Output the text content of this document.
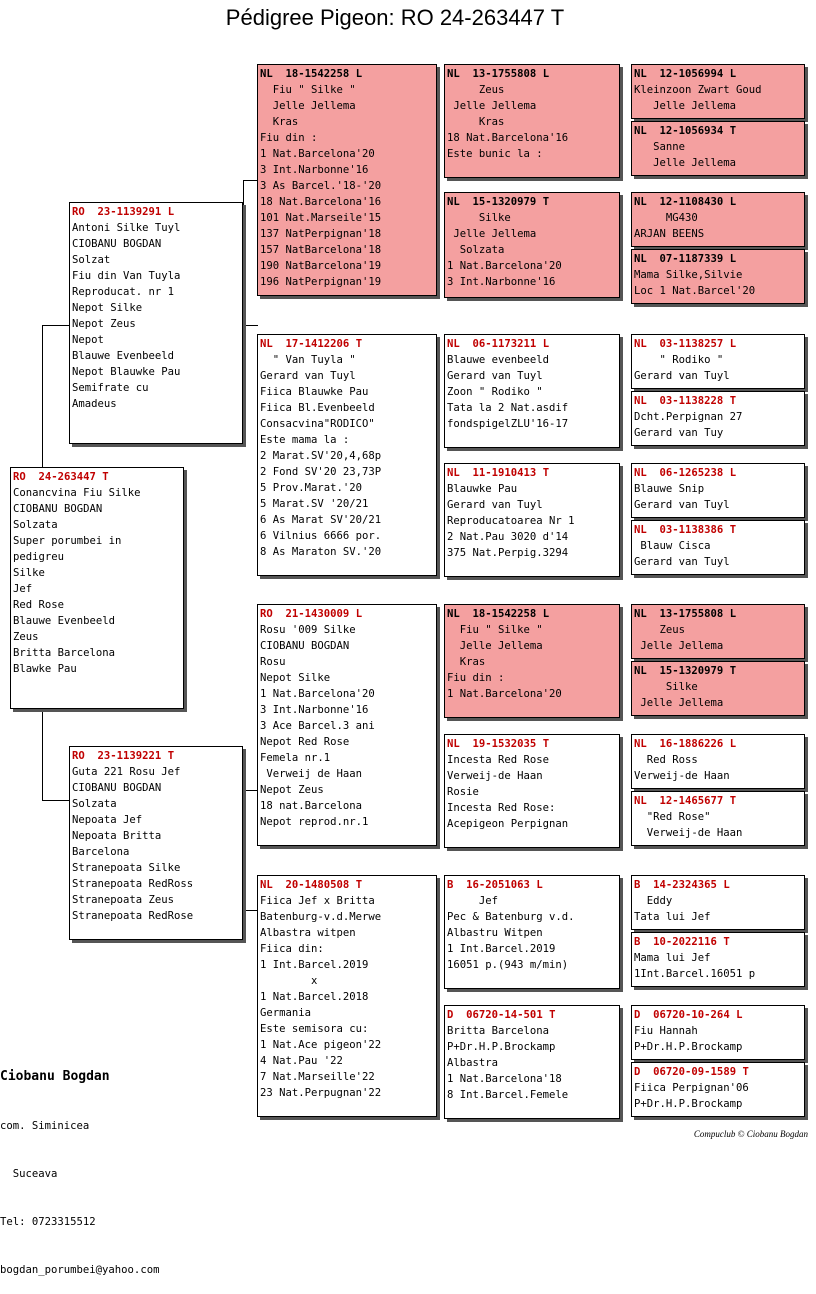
Pédigree Pigeon: RO 24-263447 T
RO 24-263447 T
Conancvina Fiu Silke
CIOBANU BOGDAN
Solzata
Super porumbei in
pedigreu
Silke
Jef
Red Rose
Blauwe Evenbeeld
Zeus
Britta Barcelona
Blawke Pau
RO 23-1139291 L
Antoni Silke Tuyl
CIOBANU BOGDAN
Solzat
Fiu din Van Tuyla
Reproducat. nr 1
Nepot Silke
Nepot Zeus
Nepot
Blauwe Evenbeeld
Nepot Blauwke Pau
Semifrate cu
Amadeus
RO 23-1139221 T
Guta 221 Rosu Jef
CIOBANU BOGDAN
Solzata
Nepoata Jef
Nepoata Britta
Barcelona
Stranepoata Silke
Stranepoata RedRoss
Stranepoata Zeus
Stranepoata RedRose
NL 18-1542258 L
Fiu " Silke "
Jelle Jellema
Kras
Fiu din :
1 Nat.Barcelona'20
3 Int.Narbonne'16
3 As Barcel.'18-'20
18 Nat.Barcelona'16
101 Nat.Marseile'15
137 NatPerpignan'18
157 NatBarcelona'18
190 NatBarcelona'19
196 NatPerpignan'19
NL 17-1412206 T
" Van Tuyla "
Gerard van Tuyl
Fiica Blauwke Pau
Fiica Bl.Evenbeeld
Consacvina"RODICO"
Este mama la :
2 Marat.SV'20,4,68p
2 Fond SV'20 23,73P
5 Prov.Marat.'20
5 Marat.SV '20/21
6 As Marat SV'20/21
6 Vilnius 6666 por.
8 As Maraton SV.'20
RO 21-1430009 L
Rosu '009 Silke
CIOBANU BOGDAN
Rosu
Nepot Silke
1 Nat.Barcelona'20
3 Int.Narbonne'16
3 Ace Barcel.3 ani
Nepot Red Rose
Femela nr.1
Verweij de Haan
Nepot Zeus
18 nat.Barcelona
Nepot reprod.nr.1
NL 20-1480508 T
Fiica Jef x Britta
Batenburg-v.d.Merwe
Albastra witpen
Fiica din:
1 Int.Barcel.2019
x
1 Nat.Barcel.2018
Germania
Este semisora cu:
1 Nat.Ace pigeon'22
4 Nat.Pau '22
7 Nat.Marseille'22
23 Nat.Perpugnan'22
NL 13-1755808 L
Zeus
Jelle Jellema
Kras
18 Nat.Barcelona'16
Este bunic la :
NL 15-1320979 T
Silke
Jelle Jellema
Solzata
1 Nat.Barcelona'20
3 Int.Narbonne'16
NL 06-1173211 L
Blauwe evenbeeld
Gerard van Tuyl
Zoon " Rodiko "
Tata la 2 Nat.asdif
fondspigelZLU'16-17
NL 11-1910413 T
Blauwke Pau
Gerard van Tuyl
Reproducatoarea Nr 1
2 Nat.Pau 3020 d'14
375 Nat.Perpig.3294
NL 18-1542258 L
Fiu " Silke "
Jelle Jellema
Kras
Fiu din :
1 Nat.Barcelona'20
NL 19-1532035 T
Incesta Red Rose
Verweij-de Haan
Rosie
Incesta Red Rose:
Acepigeon Perpignan
B 16-2051063 L
Jef
Pec & Batenburg v.d.
Albastru Witpen
1 Int.Barcel.2019
16051 p.(943 m/min)
D 06720-14-501 T
Britta Barcelona
P+Dr.H.P.Brockamp
Albastra
1 Nat.Barcelona'18
8 Int.Barcel.Femele
NL 12-1056994 L
Kleinzoon Zwart Goud
Jelle Jellema
NL 12-1056934 T
Sanne
Jelle Jellema
NL 12-1108430 L
MG430
ARJAN BEENS
NL 07-1187339 L
Mama Silke,Silvie
Loc 1 Nat.Barcel'20
NL 03-1138257 L
" Rodiko "
Gerard van Tuyl
NL 03-1138228 T
Dcht.Perpignan 27
Gerard van Tuy
NL 06-1265238 L
Blauwe Snip
Gerard van Tuyl
NL 03-1138386 T
Blauw Cisca
Gerard van Tuyl
NL 13-1755808 L
Zeus
Jelle Jellema
NL 15-1320979 T
Silke
Jelle Jellema
NL 16-1886226 L
Red Ross
Verweij-de Haan
NL 12-1465677 T
"Red Rose"
Verweij-de Haan
B 14-2324365 L
Eddy
Tata lui Jef
B 10-2022116 T
Mama lui Jef
1Int.Barcel.16051 p
D 06720-10-264 L
Fiu Hannah
P+Dr.H.P.Brockamp
D 06720-09-1589 T
Fiica Perpignan'06
P+Dr.H.P.Brockamp

Ciobanu Bogdan

com. Siminicea

Suceava

Tel: 0723315512

bogdan_porumbei@yahoo.com

Compuclub © Ciobanu Bogdan
